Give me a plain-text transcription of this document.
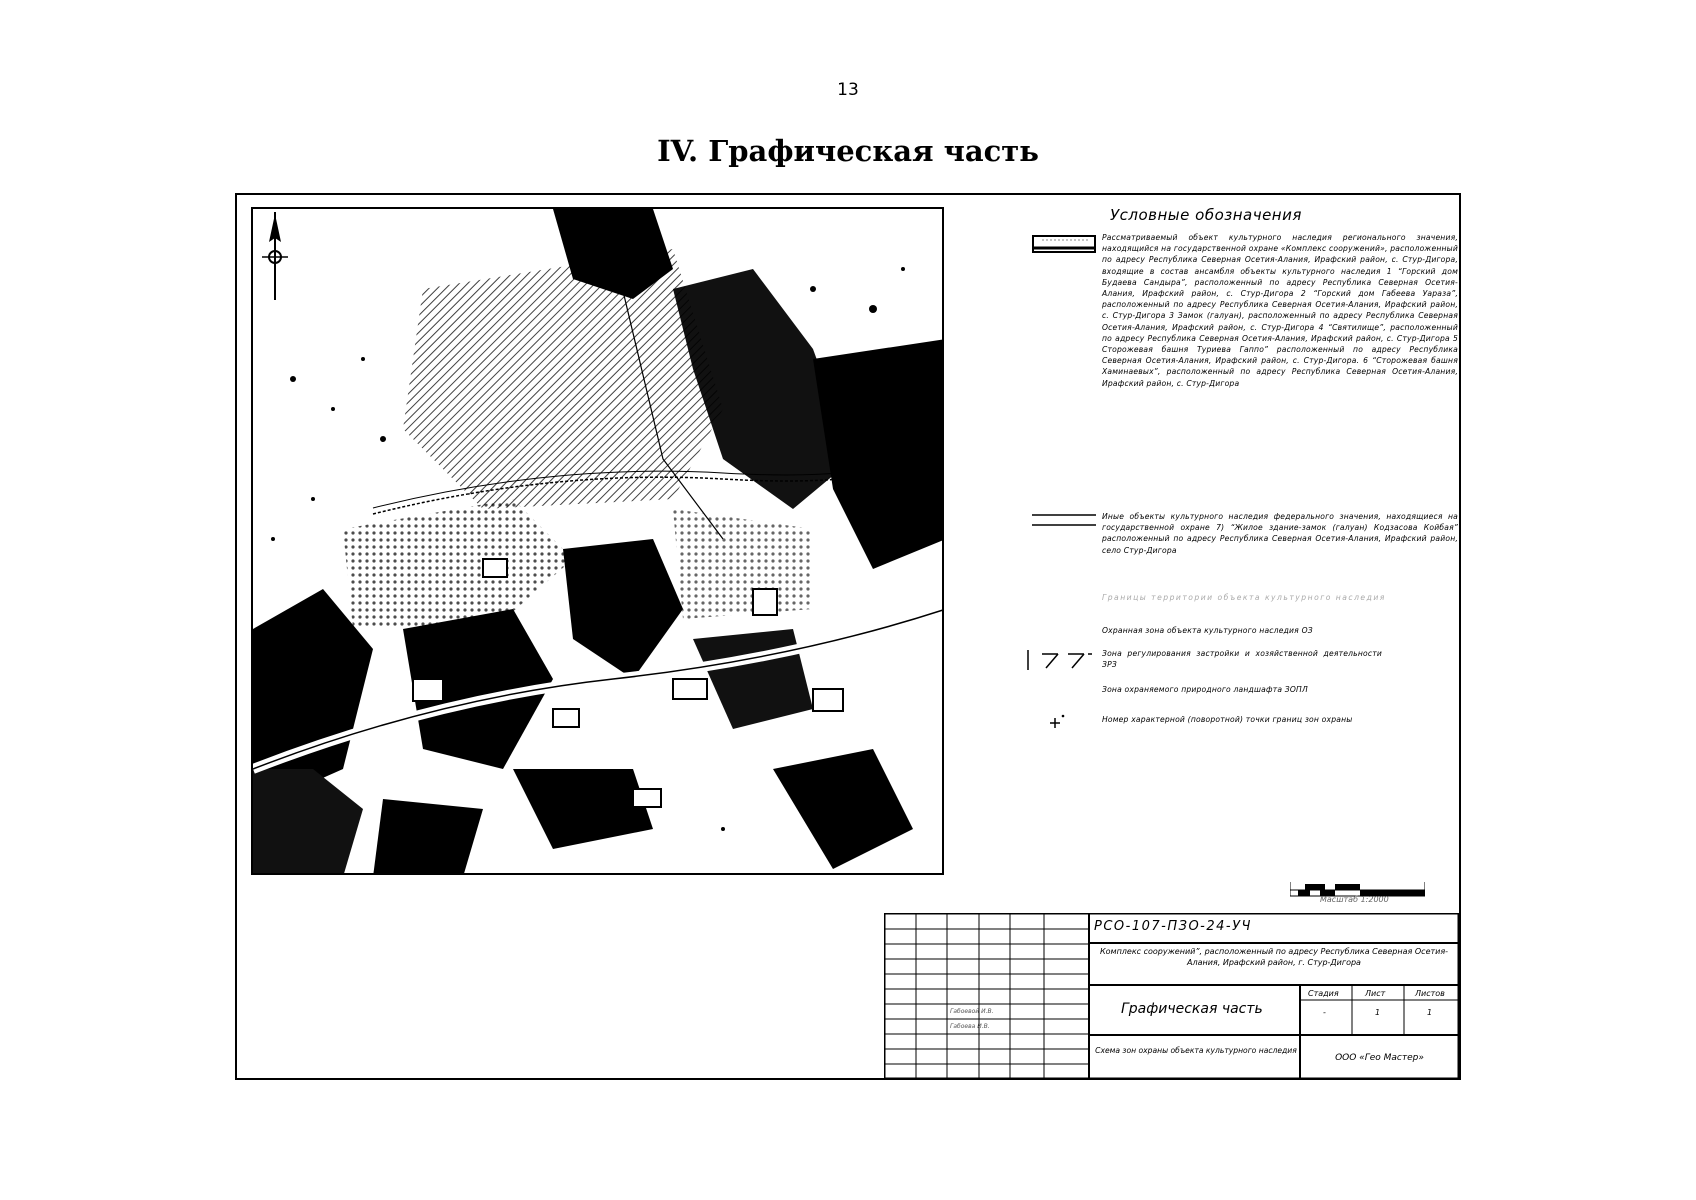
13
IV. Графическая часть
Условные обозначения
Рассматриваемый объект культурного наследия регионального значения, находящийся на государственной охране «Комплекс сооружений», расположенный по адресу Республика Северная Осетия-Алания, Ирафский район, с. Стур-Дигора, входящие в состав ансамбля объекты культурного наследия 1 “Горский дом Будаева Сандыра”, расположенный по адресу Республика Северная Осетия-Алания, Ирафский район, с. Стур-Дигора 2 “Горский дом Габеева Уараза”, расположенный по адресу Республика Северная Осетия-Алания, Ирафский район, с. Стур-Дигора 3 Замок (галуан), расположенный по адресу Республика Северная Осетия-Алания, Ирафский район, с. Стур-Дигора 4 “Святилище”, расположенный по адресу Республика Северная Осетия-Алания, Ирафский район, с. Стур-Дигора 5 Сторожевая башня Туриева Гаппо” расположенный по адресу Республика Северная Осетия-Алания, Ирафский район, с. Стур-Дигора. 6 “Сторожевая башня Хаминаевых”, расположенный по адресу Республика Северная Осетия-Алания, Ирафский район, с. Стур-Дигора
Иные объекты культурного наследия федерального значения, находящиеся на государственной охране 7) “Жилое здание-замок (галуан) Кодзасова Койбая” расположенный по адресу Республика Северная Осетия-Алания, Ирафский район, село Стур-Дигора
Границы территории объекта культурного наследия
Охранная зона объекта культурного наследия ОЗ
Зона регулирования застройки и хозяйственной деятельности ЗРЗ
Зона охраняемого природного ландшафта ЗОПЛ
Номер характерной (поворотной) точки границ зон охраны
Масштаб 1:2000
РСО-107-ПЗО-24-УЧ
Комплекс сооружений”, расположенный по адресу Республика Северная Осетия-Алания, Ирафский район, г. Стур-Дигора
Графическая часть
Стадия	Лист	Листов
-	1	1
Схема зон охраны объекта культурного наследия
ООО «Гео Мастер»
Габоевой И.В.
Габоева И.В.
